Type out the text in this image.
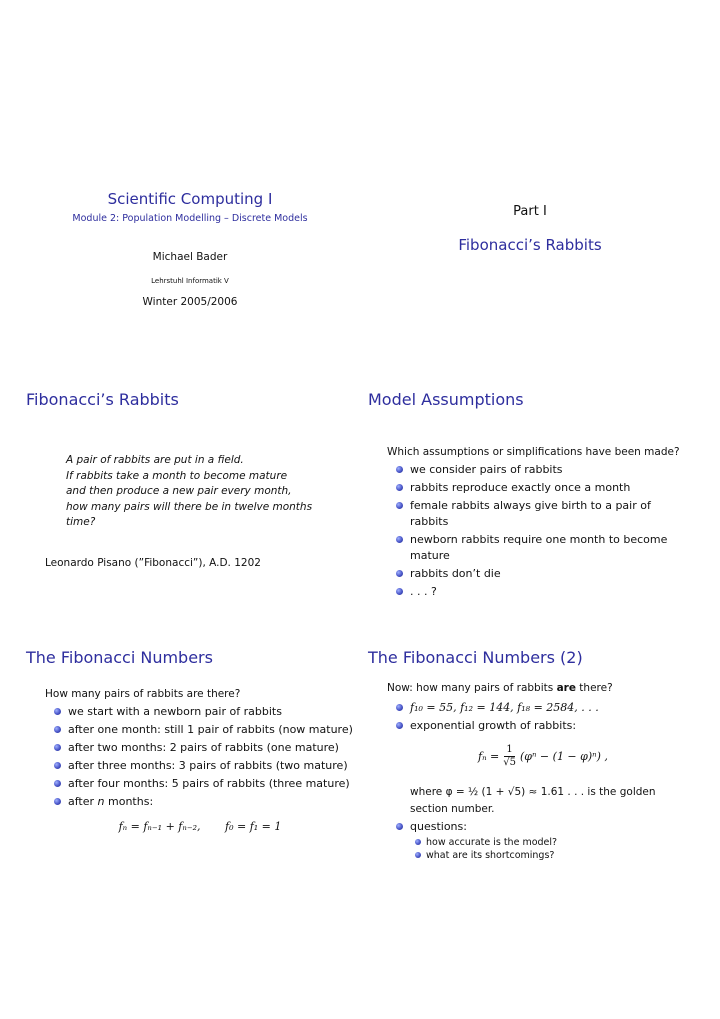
Scientific Computing I
Module 2: Population Modelling – Discrete Models
Michael Bader
Lehrstuhl Informatik V
Winter 2005/2006
Part I
Fibonacci’s Rabbits
Fibonacci’s Rabbits
A pair of rabbits are put in a field.
If rabbits take a month to become mature
and then produce a new pair every month,
how many pairs will there be in twelve months
time?
Leonardo Pisano (”Fibonacci”), A.D. 1202
Model Assumptions
Which assumptions or simplifications have been made?
we consider pairs of rabbits
rabbits reproduce exactly once a month
female rabbits always give birth to a pair of rabbits
newborn rabbits require one month to become
mature
rabbits don’t die
. . . ?
The Fibonacci Numbers
How many pairs of rabbits are there?
we start with a newborn pair of rabbits
after one month: still 1 pair of rabbits (now mature)
after two months: 2 pairs of rabbits (one mature)
after three months: 3 pairs of rabbits (two mature)
after four months: 5 pairs of rabbits (three mature)
after n months:
fₙ = fₙ₋₁ + fₙ₋₂,       f₀ = f₁ = 1
The Fibonacci Numbers (2)
Now: how many pairs of rabbits are there?
f₁₀ = 55, f₁₂ = 144, f₁₈ = 2584, . . .
exponential growth of rabbits:
$f_n = \frac{1}{√5} (\varphi^n - (1 - \varphi)^n)$ ,
where φ = ½ (1 + √5) ≈ 1.61 . . . is the golden
section number.
questions:
how accurate is the model?
what are its shortcomings?
